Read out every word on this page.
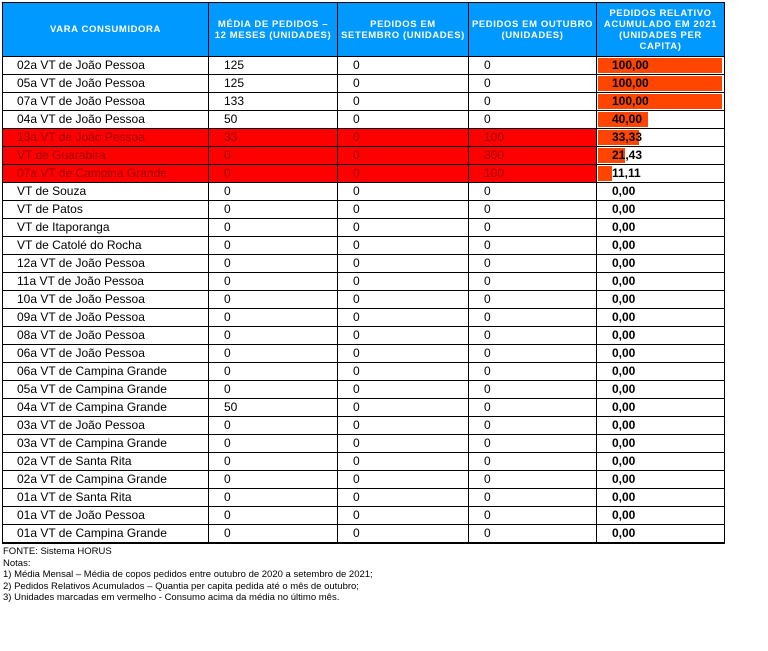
VARA CONSUMIDORA	MÉDIA DE PEDIDOS – 12 MESES (UNIDADES)	PEDIDOS EM SETEMBRO (UNIDADES)	PEDIDOS EM OUTUBRO (UNIDADES)	PEDIDOS RELATIVO ACUMULADO EM 2021 (UNIDADES PER CAPITA)
02a VT de João Pessoa	125	0	0	100,00
05a VT de João Pessoa	125	0	0	100,00
07a VT de João Pessoa	133	0	0	100,00
04a VT de João Pessoa	50	0	0	40,00
13a VT de João Pessoa	33	0	100	33,33
VT de Guarabira	0	0	300	21,43
07a VT de Campina Grande	0	0	100	11,11
VT de Souza	0	0	0	0,00
VT de Patos	0	0	0	0,00
VT de Itaporanga	0	0	0	0,00
VT de Catolé do Rocha	0	0	0	0,00
12a VT de João Pessoa	0	0	0	0,00
11a VT de João Pessoa	0	0	0	0,00
10a VT de João Pessoa	0	0	0	0,00
09a VT de João Pessoa	0	0	0	0,00
08a VT de João Pessoa	0	0	0	0,00
06a VT de João Pessoa	0	0	0	0,00
06a VT de Campina Grande	0	0	0	0,00
05a VT de Campina Grande	0	0	0	0,00
04a VT de Campina Grande	50	0	0	0,00
03a VT de João Pessoa	0	0	0	0,00
03a VT de Campina Grande	0	0	0	0,00
02a VT de Santa Rita	0	0	0	0,00
02a VT de Campina Grande	0	0	0	0,00
01a VT de Santa Rita	0	0	0	0,00
01a VT de João Pessoa	0	0	0	0,00
01a VT de Campina Grande	0	0	0	0,00
FONTE: Sistema HORUS
Notas:
1) Média Mensal – Média de copos pedidos entre outubro de 2020 a setembro de 2021;
2) Pedidos Relativos Acumulados – Quantia per capita pedida até o mês de outubro;
3) Unidades marcadas em vermelho - Consumo acima da média no último mês.
